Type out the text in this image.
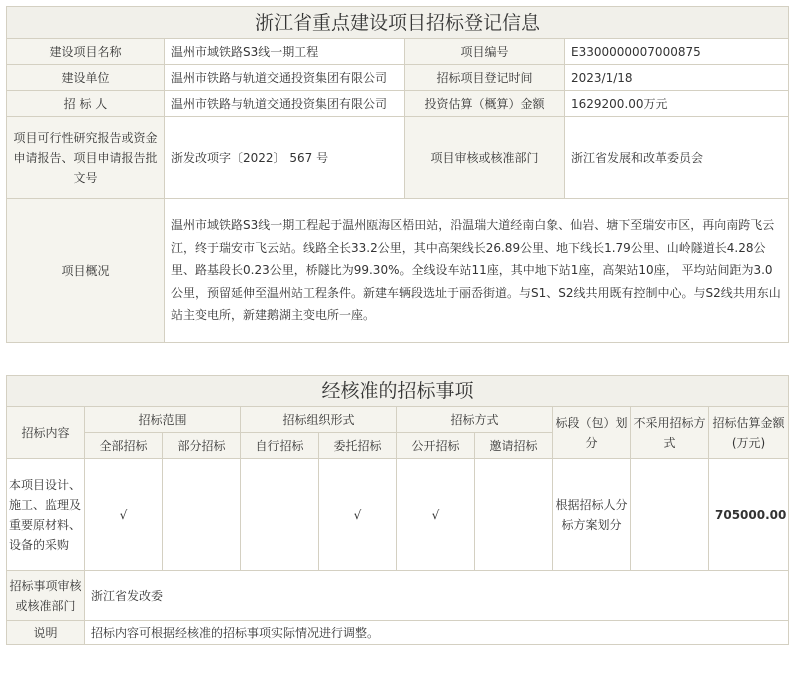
浙江省重点建设项目招标登记信息			
建设项目名称	温州市域铁路S3线一期工程	项目编号	E3300000007000875
建设单位	温州市铁路与轨道交通投资集团有限公司	招标项目登记时间	2023/1/18
招 标 人	温州市铁路与轨道交通投资集团有限公司	投资估算（概算）金额	1629200.00万元
项目可行性研究报告或资金申请报告、项目申请报告批文号	浙发改项字〔2022〕 567 号	项目审核或核准部门	浙江省发展和改革委员会
项目概况	温州市域铁路S3线一期工程起于温州瓯海区梧田站，沿温瑞大道经南白象、仙岩、塘下至瑞安市区，再向南跨飞云江，终于瑞安市飞云站。线路全长33.2公里，其中高架线长26.89公里、地下线长1.79公里、山岭隧道长4.28公里、路基段长0.23公里，桥隧比为99.30%。全线设车站11座，其中地下站1座，高架站10座， 平均站间距为3.0公里，预留延伸至温州站工程条件。新建车辆段选址于丽岙街道。与S1、S2线共用既有控制中心。与S2线共用东山站主变电所，新建鹅湖主变电所一座。		
经核准的招标事项									
招标内容	招标范围		招标组织形式		招标方式		标段（包）划分	不采用招标方式	招标估算金额(万元)
	全部招标	部分招标	自行招标	委托招标	公开招标	邀请招标			
本项目设计、施工、监理及重要原材料、设备的采购	√			√	√		根据招标人分标方案划分		705000.00
招标事项审核或核准部门	浙江省发改委								
说明	招标内容可根据经核准的招标事项实际情况进行调整。								
